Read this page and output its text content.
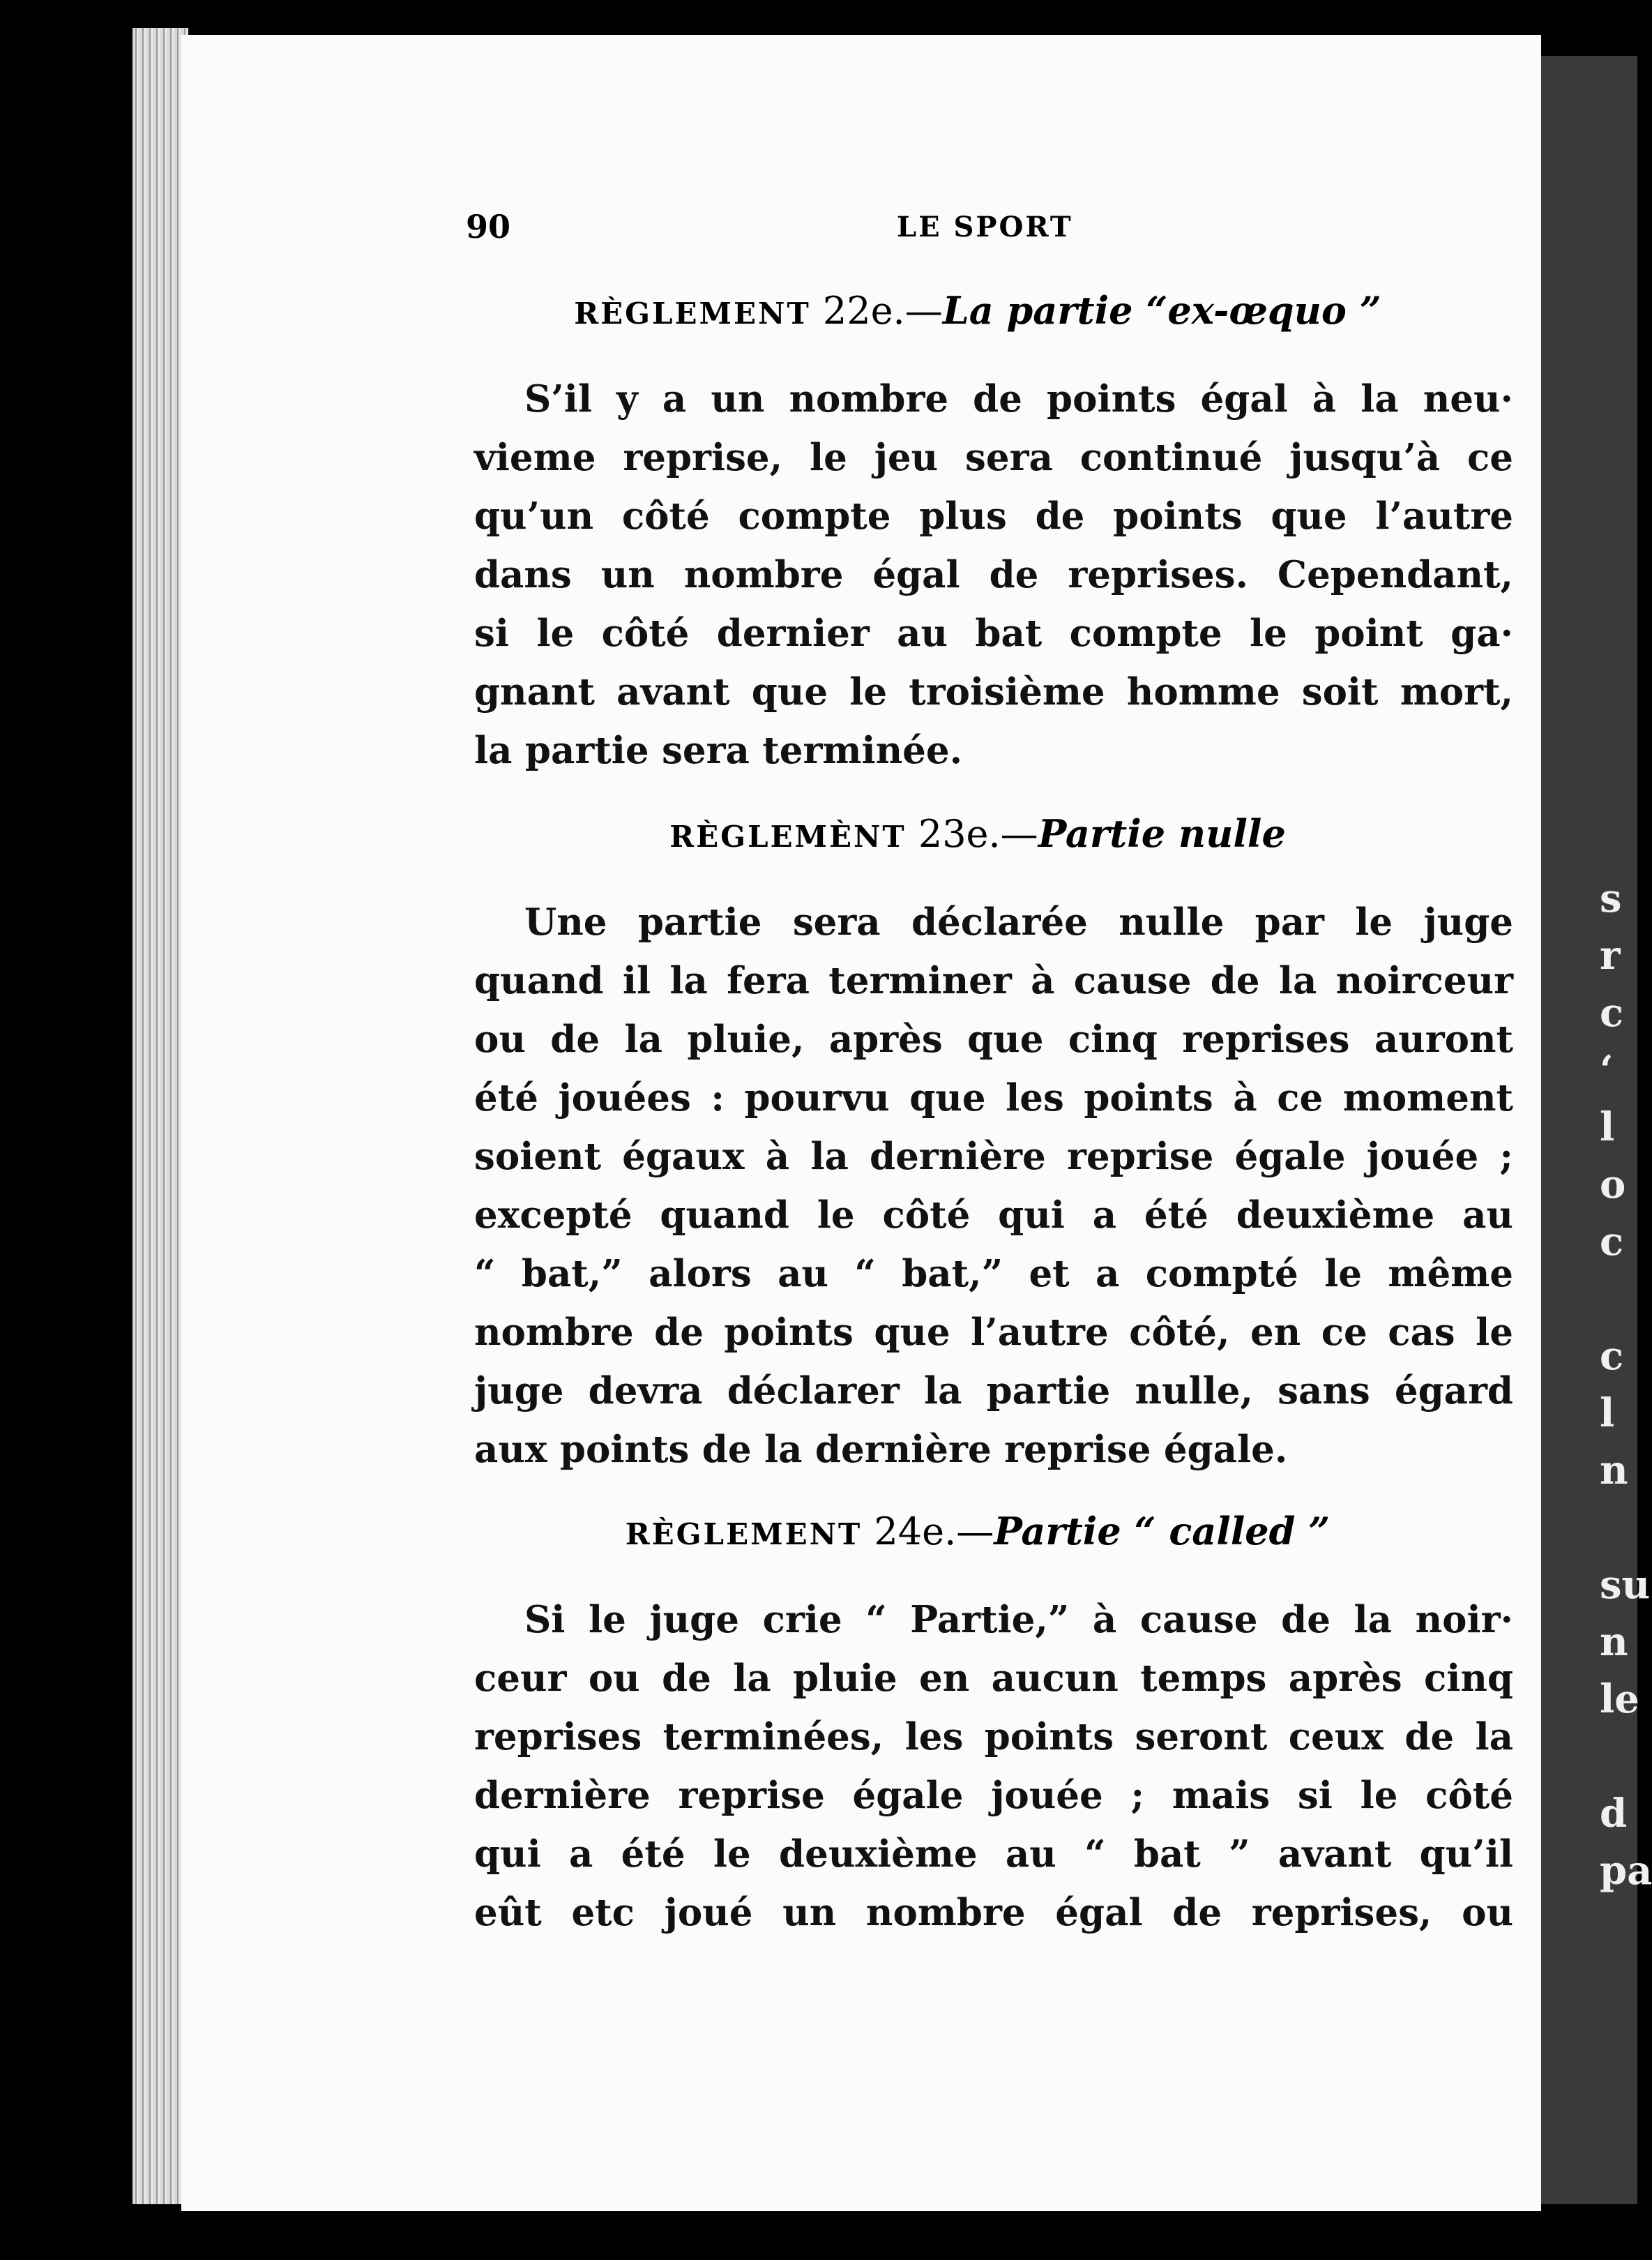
s
r
c
‘
l
o
c
c
l
n
su
n
le
d
pa
90	LE SPORT
RÈGLEMENT 22e.—La partie “ex-œquo ”
S’il y a un nombre de points égal à la neu·
vieme reprise, le jeu sera continué jusqu’à ce
qu’un côté compte plus de points que l’autre
dans un nombre égal de reprises. Cependant,
si le côté dernier au bat compte le point ga·
gnant avant que le troisième homme soit mort,
la partie sera terminée.
RÈGLEMÈNT 23e.—Partie nulle
Une partie sera déclarée nulle par le juge
quand il la fera terminer à cause de la noirceur
ou de la pluie, après que cinq reprises auront
été jouées : pourvu que les points à ce moment
soient égaux à la dernière reprise égale jouée ;
excepté quand le côté qui a été deuxième au
“ bat,” alors au “ bat,” et a compté le même
nombre de points que l’autre côté, en ce cas le
juge devra déclarer la partie nulle, sans égard
aux points de la dernière reprise égale.
RÈGLEMENT 24e.—Partie “ called ”
Si le juge crie “ Partie,” à cause de la noir·
ceur ou de la pluie en aucun temps après cinq
reprises terminées, les points seront ceux de la
dernière reprise égale jouée ; mais si le côté
qui a été le deuxième au “ bat ” avant qu’il
eût etc joué un nombre égal de reprises, ou
